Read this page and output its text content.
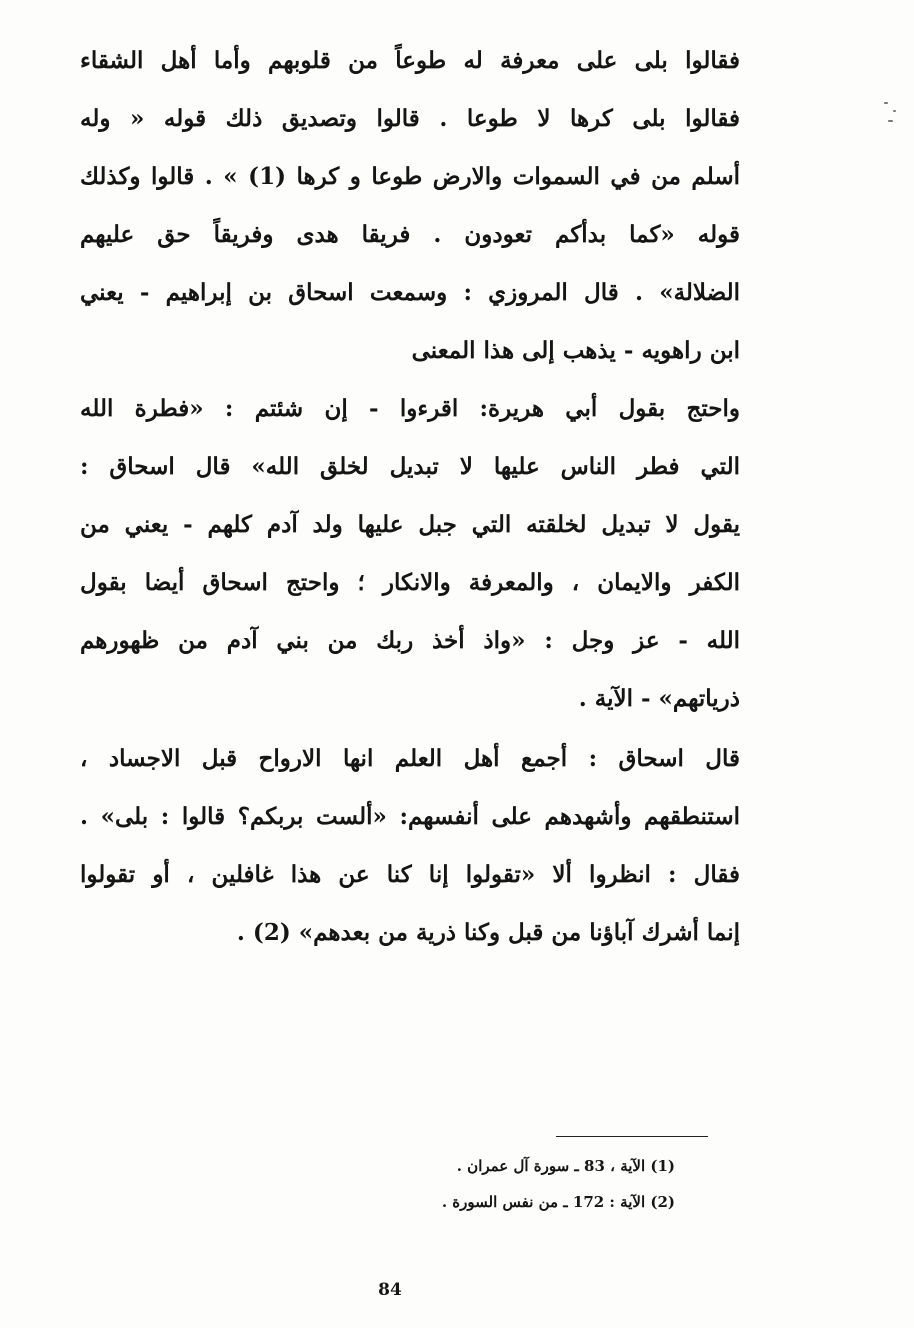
فقالوا بلى على معرفة له طوعاً من قلوبهم وأما أهل الشقاء
فقالوا بلى كرها لا طوعا . قالوا وتصديق ذلك قوله « وله
أسلم من في السموات والارض طوعا و كرها (1) » . قالوا وكذلك
قوله «كما بدأكم تعودون . فريقا هدى وفريقاً حق عليهم
الضلالة» . قال المروزي : وسمعت اسحاق بن إبراهيم - يعني
ابن راهويه - يذهب إلى هذا المعنى
واحتج بقول أبي هريرة: اقرءوا - إن شئتم : «فطرة الله
التي فطر الناس عليها لا تبديل لخلق الله» قال اسحاق :
يقول لا تبديل لخلقته التي جبل عليها ولد آدم كلهم - يعني من
الكفر والايمان ، والمعرفة والانكار ؛ واحتج اسحاق أيضا بقول
الله - عز وجل : «واذ أخذ ربك من بني آدم من ظهورهم
ذرياتهم» - الآية .
قال اسحاق : أجمع أهل العلم انها الارواح قبل الاجساد ،
استنطقهم وأشهدهم على أنفسهم: «ألست بربكم؟ قالوا : بلى» .
فقال : انظروا ألا «تقولوا إنا كنا عن هذا غافلين ، أو تقولوا
إنما أشرك آباؤنا من قبل وكنا ذرية من بعدهم» (2) .
(1) الآية ، 83 ـ سورة آل عمران .
(2) الآية : 172 ـ من نفس السورة .
84
